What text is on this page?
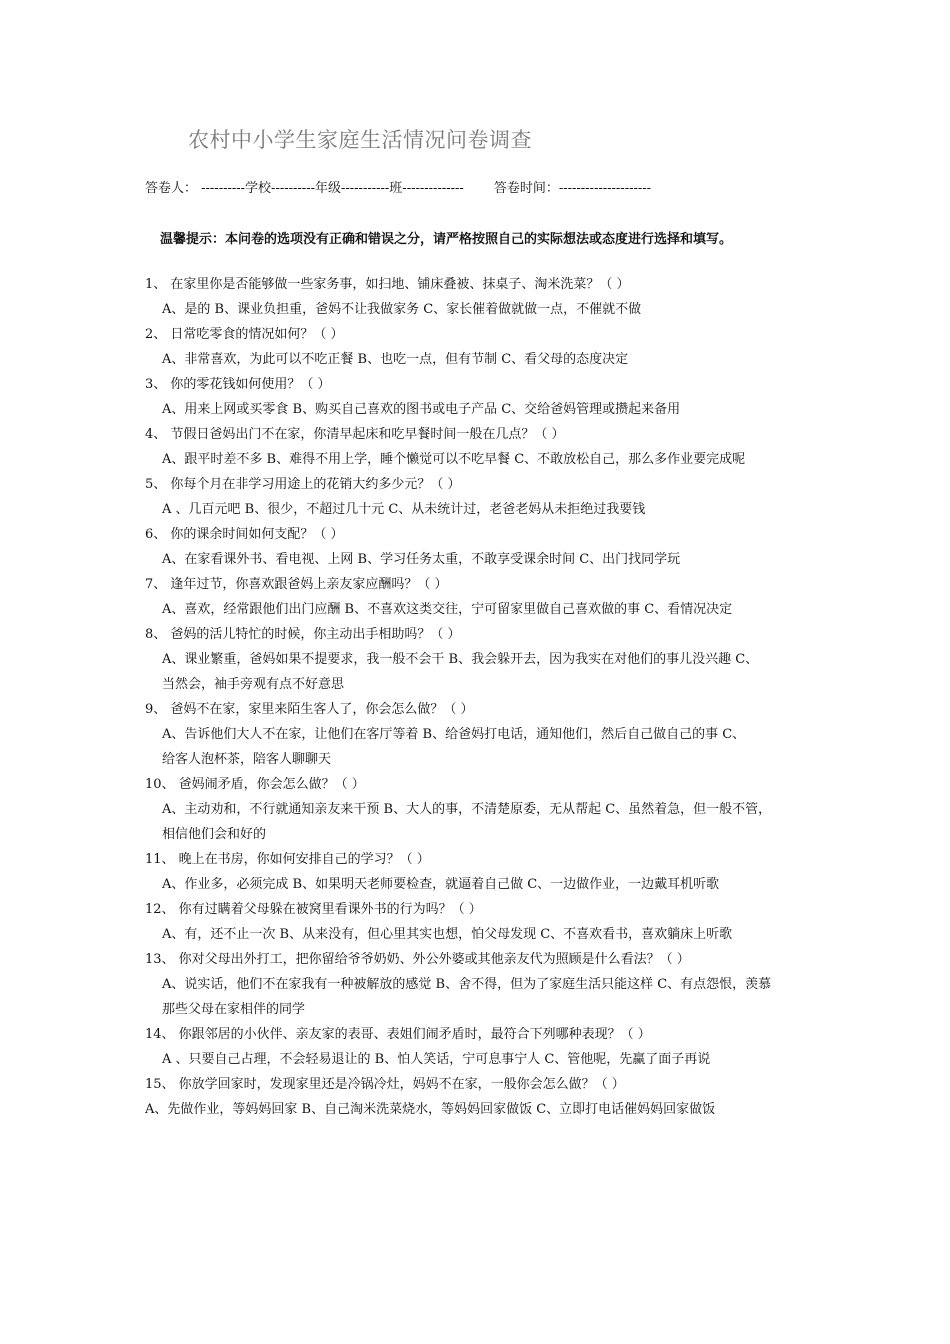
农村中小学生家庭生活情况问卷调查
答卷人： ----------学校----------年级-----------班-------------- 答卷时间：---------------------
温馨提示：本问卷的选项没有正确和错误之分，请严格按照自己的实际想法或态度进行选择和填写。
1、 在家里你是否能够做一些家务事，如扫地、铺床叠被、抹桌子、淘米洗菜？（ ）
A、是的 B、课业负担重，爸妈不让我做家务 C、家长催着做就做一点，不催就不做
2、 日常吃零食的情况如何？（ ）
A、非常喜欢，为此可以不吃正餐 B、也吃一点，但有节制 C、看父母的态度决定
3、 你的零花钱如何使用？（ ）
A、用来上网或买零食 B、购买自己喜欢的图书或电子产品 C、交给爸妈管理或攒起来备用
4、 节假日爸妈出门不在家，你清早起床和吃早餐时间一般在几点？（ ）
A、跟平时差不多 B、难得不用上学，睡个懒觉可以不吃早餐 C、不敢放松自己，那么多作业要完成呢
5、 你每个月在非学习用途上的花销大约多少元？（ ）
A 、几百元吧 B、很少，不超过几十元 C、从未统计过，老爸老妈从未拒绝过我要钱
6、 你的课余时间如何支配？（ ）
A、在家看课外书、看电视、上网 B、学习任务太重，不敢享受课余时间 C、出门找同学玩
7、 逢年过节，你喜欢跟爸妈上亲友家应酬吗？（ ）
A、喜欢，经常跟他们出门应酬 B、不喜欢这类交往，宁可留家里做自己喜欢做的事 C、看情况决定
8、 爸妈的活儿特忙的时候，你主动出手相助吗？（ ）
A、课业繁重，爸妈如果不提要求，我一般不会干 B、我会躲开去，因为我实在对他们的事儿没兴趣 C、
当然会，袖手旁观有点不好意思
9、 爸妈不在家，家里来陌生客人了，你会怎么做？（ ）
A、告诉他们大人不在家，让他们在客厅等着 B、给爸妈打电话，通知他们，然后自己做自己的事 C、
给客人泡杯茶，陪客人聊聊天
10、 爸妈闹矛盾，你会怎么做？（ ）
A、主动劝和，不行就通知亲友来干预 B、大人的事，不清楚原委，无从帮起 C、虽然着急，但一般不管，
相信他们会和好的
11、 晚上在书房，你如何安排自己的学习？（ ）
A、作业多，必须完成 B、如果明天老师要检查，就逼着自己做 C、一边做作业，一边戴耳机听歌
12、 你有过瞒着父母躲在被窝里看课外书的行为吗？（ ）
A、有，还不止一次 B、从来没有，但心里其实也想，怕父母发现 C、不喜欢看书，喜欢躺床上听歌
13、 你对父母出外打工，把你留给爷爷奶奶、外公外婆或其他亲友代为照顾是什么看法？（ ）
A、说实话，他们不在家我有一种被解放的感觉 B、舍不得，但为了家庭生活只能这样 C、有点怨恨，羡慕
那些父母在家相伴的同学
14、 你跟邻居的小伙伴、亲友家的表哥、表姐们闹矛盾时，最符合下列哪种表现？（ ）
A 、只要自己占理，不会轻易退让的 B、怕人笑话，宁可息事宁人 C、管他呢，先赢了面子再说
15、 你放学回家时，发现家里还是冷锅冷灶，妈妈不在家，一般你会怎么做？（ ）
A、先做作业，等妈妈回家 B、自己淘米洗菜烧水，等妈妈回家做饭 C、立即打电话催妈妈回家做饭
